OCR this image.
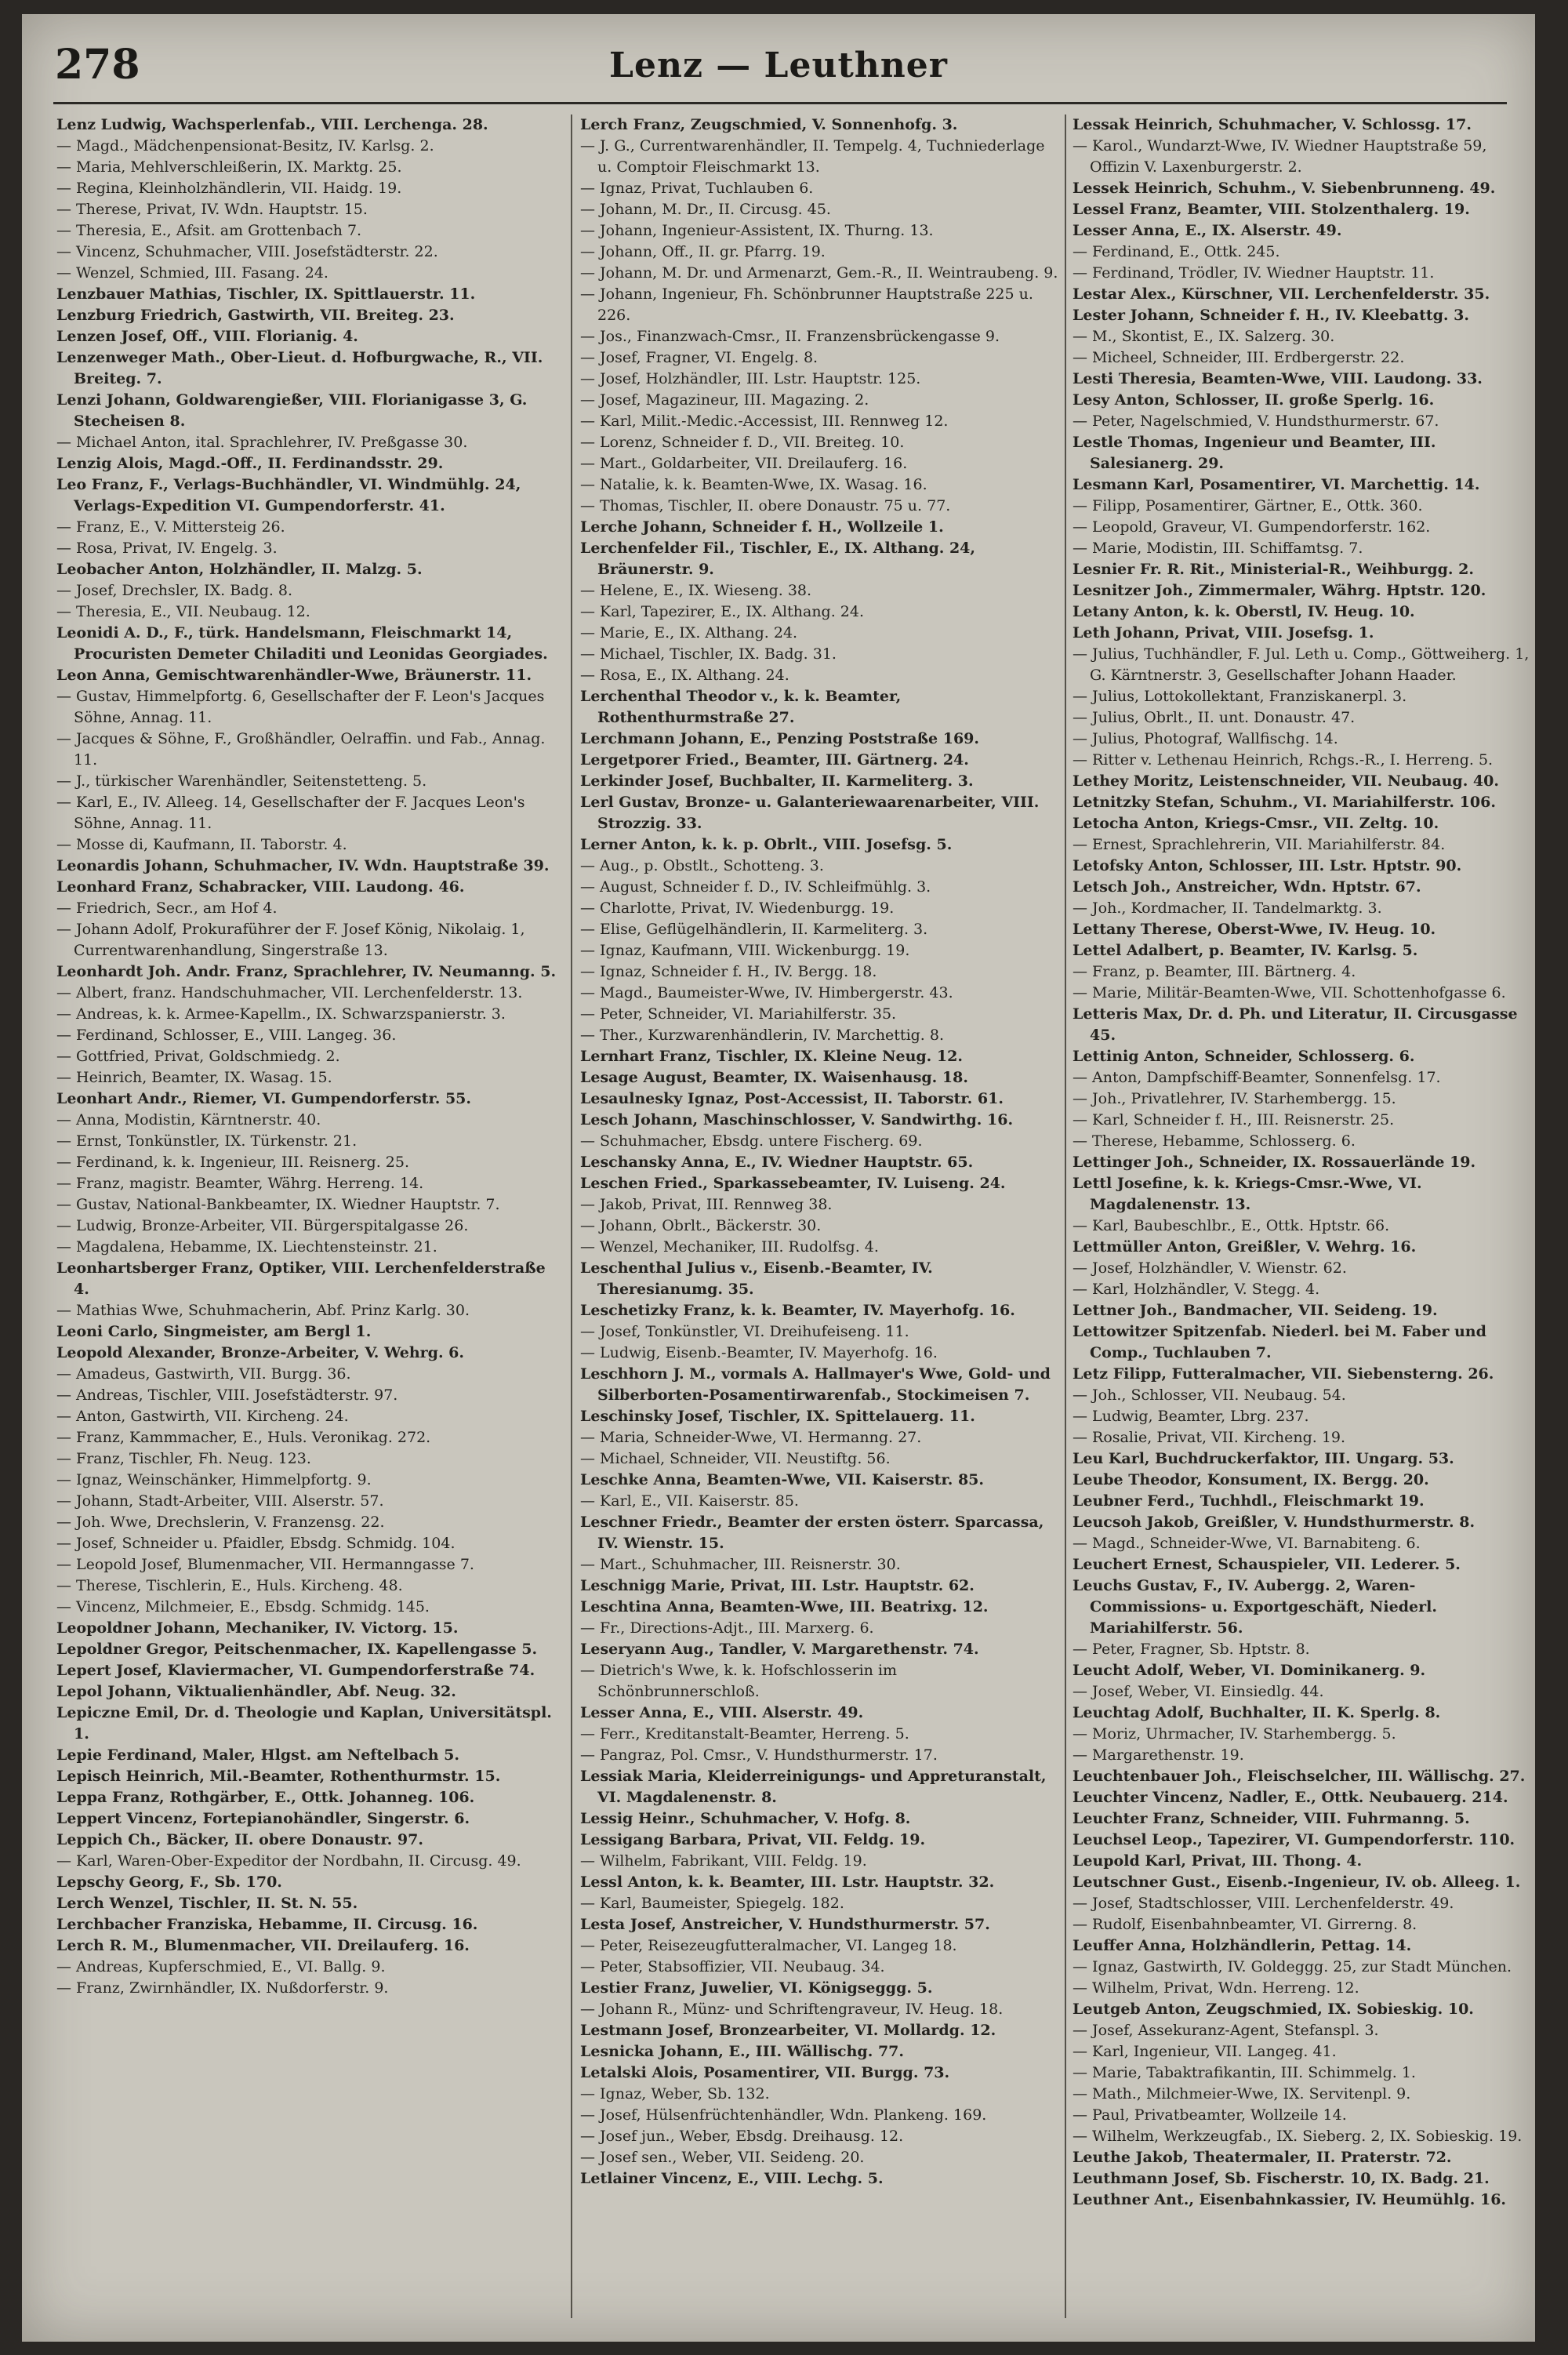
278	Lenz — Leuthner
Lenz Ludwig, Wachsperlenfab., VIII. Lerchenga. 28.
— Magd., Mädchenpensionat-Besitz, IV. Karlsg. 2.
— Maria, Mehlverschleißerin, IX. Marktg. 25.
— Regina, Kleinholzhändlerin, VII. Haidg. 19.
— Therese, Privat, IV. Wdn. Hauptstr. 15.
— Theresia, E., Afsit. am Grottenbach 7.
— Vincenz, Schuhmacher, VIII. Josefstädterstr. 22.
— Wenzel, Schmied, III. Fasang. 24.
Lenzbauer Mathias, Tischler, IX. Spittlauerstr. 11.
Lenzburg Friedrich, Gastwirth, VII. Breiteg. 23.
Lenzen Josef, Off., VIII. Florianig. 4.
Lenzenweger Math., Ober-Lieut. d. Hofburgwache, R., VII. Breiteg. 7.
Lenzi Johann, Goldwarengießer, VIII. Florianigasse 3, G. Stecheisen 8.
— Michael Anton, ital. Sprachlehrer, IV. Preßgasse 30.
Lenzig Alois, Magd.-Off., II. Ferdinandsstr. 29.
Leo Franz, F., Verlags-Buchhändler, VI. Windmühlg. 24, Verlags-Expedition VI. Gumpendorferstr. 41.
— Franz, E., V. Mittersteig 26.
— Rosa, Privat, IV. Engelg. 3.
Leobacher Anton, Holzhändler, II. Malzg. 5.
— Josef, Drechsler, IX. Badg. 8.
— Theresia, E., VII. Neubaug. 12.
Leonidi A. D., F., türk. Handelsmann, Fleischmarkt 14, Procuristen Demeter Chiladiti und Leonidas Georgiades.
Leon Anna, Gemischtwarenhändler-Wwe, Bräunerstr. 11.
— Gustav, Himmelpfortg. 6, Gesellschafter der F. Leon's Jacques Söhne, Annag. 11.
— Jacques & Söhne, F., Großhändler, Oelraffin. und Fab., Annag. 11.
— J., türkischer Warenhändler, Seitenstetteng. 5.
— Karl, E., IV. Alleeg. 14, Gesellschafter der F. Jacques Leon's Söhne, Annag. 11.
— Mosse di, Kaufmann, II. Taborstr. 4.
Leonardis Johann, Schuhmacher, IV. Wdn. Hauptstraße 39.
Leonhard Franz, Schabracker, VIII. Laudong. 46.
— Friedrich, Secr., am Hof 4.
— Johann Adolf, Prokuraführer der F. Josef König, Nikolaig. 1, Currentwarenhandlung, Singerstraße 13.
Leonhardt Joh. Andr. Franz, Sprachlehrer, IV. Neumanng. 5.
— Albert, franz. Handschuhmacher, VII. Lerchenfelderstr. 13.
— Andreas, k. k. Armee-Kapellm., IX. Schwarzspanierstr. 3.
— Ferdinand, Schlosser, E., VIII. Langeg. 36.
— Gottfried, Privat, Goldschmiedg. 2.
— Heinrich, Beamter, IX. Wasag. 15.
Leonhart Andr., Riemer, VI. Gumpendorferstr. 55.
— Anna, Modistin, Kärntnerstr. 40.
— Ernst, Tonkünstler, IX. Türkenstr. 21.
— Ferdinand, k. k. Ingenieur, III. Reisnerg. 25.
— Franz, magistr. Beamter, Währg. Herreng. 14.
— Gustav, National-Bankbeamter, IX. Wiedner Hauptstr. 7.
— Ludwig, Bronze-Arbeiter, VII. Bürgerspitalgasse 26.
— Magdalena, Hebamme, IX. Liechtensteinstr. 21.
Leonhartsberger Franz, Optiker, VIII. Lerchenfelderstraße 4.
— Mathias Wwe, Schuhmacherin, Abf. Prinz Karlg. 30.
Leoni Carlo, Singmeister, am Bergl 1.
Leopold Alexander, Bronze-Arbeiter, V. Wehrg. 6.
— Amadeus, Gastwirth, VII. Burgg. 36.
— Andreas, Tischler, VIII. Josefstädterstr. 97.
— Anton, Gastwirth, VII. Kircheng. 24.
— Franz, Kammmacher, E., Huls. Veronikag. 272.
— Franz, Tischler, Fh. Neug. 123.
— Ignaz, Weinschänker, Himmelpfortg. 9.
— Johann, Stadt-Arbeiter, VIII. Alserstr. 57.
— Joh. Wwe, Drechslerin, V. Franzensg. 22.
— Josef, Schneider u. Pfaidler, Ebsdg. Schmidg. 104.
— Leopold Josef, Blumenmacher, VII. Hermanngasse 7.
— Therese, Tischlerin, E., Huls. Kircheng. 48.
— Vincenz, Milchmeier, E., Ebsdg. Schmidg. 145.
Leopoldner Johann, Mechaniker, IV. Victorg. 15.
Lepoldner Gregor, Peitschenmacher, IX. Kapellengasse 5.
Lepert Josef, Klaviermacher, VI. Gumpendorferstraße 74.
Lepol Johann, Viktualienhändler, Abf. Neug. 32.
Lepiczne Emil, Dr. d. Theologie und Kaplan, Universitätspl. 1.
Lepie Ferdinand, Maler, Hlgst. am Neftelbach 5.
Lepisch Heinrich, Mil.-Beamter, Rothenthurmstr. 15.
Leppa Franz, Rothgärber, E., Ottk. Johanneg. 106.
Leppert Vincenz, Fortepianohändler, Singerstr. 6.
Leppich Ch., Bäcker, II. obere Donaustr. 97.
— Karl, Waren-Ober-Expeditor der Nordbahn, II. Circusg. 49.
Lepschy Georg, F., Sb. 170.
Lerch Wenzel, Tischler, II. St. N. 55.
Lerchbacher Franziska, Hebamme, II. Circusg. 16.
Lerch R. M., Blumenmacher, VII. Dreilauferg. 16.
— Andreas, Kupferschmied, E., VI. Ballg. 9.
— Franz, Zwirnhändler, IX. Nußdorferstr. 9.
Lerch Franz, Zeugschmied, V. Sonnenhofg. 3.
— J. G., Currentwarenhändler, II. Tempelg. 4, Tuchniederlage u. Comptoir Fleischmarkt 13.
— Ignaz, Privat, Tuchlauben 6.
— Johann, M. Dr., II. Circusg. 45.
— Johann, Ingenieur-Assistent, IX. Thurng. 13.
— Johann, Off., II. gr. Pfarrg. 19.
— Johann, M. Dr. und Armenarzt, Gem.-R., II. Weintraubeng. 9.
— Johann, Ingenieur, Fh. Schönbrunner Hauptstraße 225 u. 226.
— Jos., Finanzwach-Cmsr., II. Franzensbrückengasse 9.
— Josef, Fragner, VI. Engelg. 8.
— Josef, Holzhändler, III. Lstr. Hauptstr. 125.
— Josef, Magazineur, III. Magazing. 2.
— Karl, Milit.-Medic.-Accessist, III. Rennweg 12.
— Lorenz, Schneider f. D., VII. Breiteg. 10.
— Mart., Goldarbeiter, VII. Dreilauferg. 16.
— Natalie, k. k. Beamten-Wwe, IX. Wasag. 16.
— Thomas, Tischler, II. obere Donaustr. 75 u. 77.
Lerche Johann, Schneider f. H., Wollzeile 1.
Lerchenfelder Fil., Tischler, E., IX. Althang. 24, Bräunerstr. 9.
— Helene, E., IX. Wieseng. 38.
— Karl, Tapezirer, E., IX. Althang. 24.
— Marie, E., IX. Althang. 24.
— Michael, Tischler, IX. Badg. 31.
— Rosa, E., IX. Althang. 24.
Lerchenthal Theodor v., k. k. Beamter, Rothenthurmstraße 27.
Lerchmann Johann, E., Penzing Poststraße 169.
Lergetporer Fried., Beamter, III. Gärtnerg. 24.
Lerkinder Josef, Buchbalter, II. Karmeliterg. 3.
Lerl Gustav, Bronze- u. Galanteriewaarenarbeiter, VIII. Strozzig. 33.
Lerner Anton, k. k. p. Obrlt., VIII. Josefsg. 5.
— Aug., p. Obstlt., Schotteng. 3.
— August, Schneider f. D., IV. Schleifmühlg. 3.
— Charlotte, Privat, IV. Wiedenburgg. 19.
— Elise, Geflügelhändlerin, II. Karmeliterg. 3.
— Ignaz, Kaufmann, VIII. Wickenburgg. 19.
— Ignaz, Schneider f. H., IV. Bergg. 18.
— Magd., Baumeister-Wwe, IV. Himbergerstr. 43.
— Peter, Schneider, VI. Mariahilferstr. 35.
— Ther., Kurzwarenhändlerin, IV. Marchettig. 8.
Lernhart Franz, Tischler, IX. Kleine Neug. 12.
Lesage August, Beamter, IX. Waisenhausg. 18.
Lesaulnesky Ignaz, Post-Accessist, II. Taborstr. 61.
Lesch Johann, Maschinschlosser, V. Sandwirthg. 16.
— Schuhmacher, Ebsdg. untere Fischerg. 69.
Leschansky Anna, E., IV. Wiedner Hauptstr. 65.
Leschen Fried., Sparkassebeamter, IV. Luiseng. 24.
— Jakob, Privat, III. Rennweg 38.
— Johann, Obrlt., Bäckerstr. 30.
— Wenzel, Mechaniker, III. Rudolfsg. 4.
Leschenthal Julius v., Eisenb.-Beamter, IV. Theresianumg. 35.
Leschetizky Franz, k. k. Beamter, IV. Mayerhofg. 16.
— Josef, Tonkünstler, VI. Dreihufeiseng. 11.
— Ludwig, Eisenb.-Beamter, IV. Mayerhofg. 16.
Leschhorn J. M., vormals A. Hallmayer's Wwe, Gold- und Silberborten-Posamentirwarenfab., Stockimeisen 7.
Leschinsky Josef, Tischler, IX. Spittelauerg. 11.
— Maria, Schneider-Wwe, VI. Hermanng. 27.
— Michael, Schneider, VII. Neustiftg. 56.
Leschke Anna, Beamten-Wwe, VII. Kaiserstr. 85.
— Karl, E., VII. Kaiserstr. 85.
Leschner Friedr., Beamter der ersten österr. Sparcassa, IV. Wienstr. 15.
— Mart., Schuhmacher, III. Reisnerstr. 30.
Leschnigg Marie, Privat, III. Lstr. Hauptstr. 62.
Leschtina Anna, Beamten-Wwe, III. Beatrixg. 12.
— Fr., Directions-Adjt., III. Marxerg. 6.
Leseryann Aug., Tandler, V. Margarethenstr. 74.
— Dietrich's Wwe, k. k. Hofschlosserin im Schönbrunnerschloß.
Lesser Anna, E., VIII. Alserstr. 49.
— Ferr., Kreditanstalt-Beamter, Herreng. 5.
— Pangraz, Pol. Cmsr., V. Hundsthurmerstr. 17.
Lessiak Maria, Kleiderreinigungs- und Appreturanstalt, VI. Magdalenenstr. 8.
Lessig Heinr., Schuhmacher, V. Hofg. 8.
Lessigang Barbara, Privat, VII. Feldg. 19.
— Wilhelm, Fabrikant, VIII. Feldg. 19.
Lessl Anton, k. k. Beamter, III. Lstr. Hauptstr. 32.
— Karl, Baumeister, Spiegelg. 182.
Lesta Josef, Anstreicher, V. Hundsthurmerstr. 57.
— Peter, Reisezeugfutteralmacher, VI. Langeg 18.
— Peter, Stabsoffizier, VII. Neubaug. 34.
Lestier Franz, Juwelier, VI. Königseggg. 5.
— Johann R., Münz- und Schriftengraveur, IV. Heug. 18.
Lestmann Josef, Bronzearbeiter, VI. Mollardg. 12.
Lesnicka Johann, E., III. Wällischg. 77.
Letalski Alois, Posamentirer, VII. Burgg. 73.
— Ignaz, Weber, Sb. 132.
— Josef, Hülsenfrüchtenhändler, Wdn. Plankeng. 169.
— Josef jun., Weber, Ebsdg. Dreihausg. 12.
— Josef sen., Weber, VII. Seideng. 20.
Letlainer Vincenz, E., VIII. Lechg. 5.
Lessak Heinrich, Schuhmacher, V. Schlossg. 17.
— Karol., Wundarzt-Wwe, IV. Wiedner Hauptstraße 59, Offizin V. Laxenburgerstr. 2.
Lessek Heinrich, Schuhm., V. Siebenbrunneng. 49.
Lessel Franz, Beamter, VIII. Stolzenthalerg. 19.
Lesser Anna, E., IX. Alserstr. 49.
— Ferdinand, E., Ottk. 245.
— Ferdinand, Trödler, IV. Wiedner Hauptstr. 11.
Lestar Alex., Kürschner, VII. Lerchenfelderstr. 35.
Lester Johann, Schneider f. H., IV. Kleebattg. 3.
— M., Skontist, E., IX. Salzerg. 30.
— Micheel, Schneider, III. Erdbergerstr. 22.
Lesti Theresia, Beamten-Wwe, VIII. Laudong. 33.
Lesy Anton, Schlosser, II. große Sperlg. 16.
— Peter, Nagelschmied, V. Hundsthurmerstr. 67.
Lestle Thomas, Ingenieur und Beamter, III. Salesianerg. 29.
Lesmann Karl, Posamentirer, VI. Marchettig. 14.
— Filipp, Posamentirer, Gärtner, E., Ottk. 360.
— Leopold, Graveur, VI. Gumpendorferstr. 162.
— Marie, Modistin, III. Schiffamtsg. 7.
Lesnier Fr. R. Rit., Ministerial-R., Weihburgg. 2.
Lesnitzer Joh., Zimmermaler, Währg. Hptstr. 120.
Letany Anton, k. k. Oberstl, IV. Heug. 10.
Leth Johann, Privat, VIII. Josefsg. 1.
— Julius, Tuchhändler, F. Jul. Leth u. Comp., Göttweiherg. 1, G. Kärntnerstr. 3, Gesellschafter Johann Haader.
— Julius, Lottokollektant, Franziskanerpl. 3.
— Julius, Obrlt., II. unt. Donaustr. 47.
— Julius, Photograf, Wallfischg. 14.
— Ritter v. Lethenau Heinrich, Rchgs.-R., I. Herreng. 5.
Lethey Moritz, Leistenschneider, VII. Neubaug. 40.
Letnitzky Stefan, Schuhm., VI. Mariahilferstr. 106.
Letocha Anton, Kriegs-Cmsr., VII. Zeltg. 10.
— Ernest, Sprachlehrerin, VII. Mariahilferstr. 84.
Letofsky Anton, Schlosser, III. Lstr. Hptstr. 90.
Letsch Joh., Anstreicher, Wdn. Hptstr. 67.
— Joh., Kordmacher, II. Tandelmarktg. 3.
Lettany Therese, Oberst-Wwe, IV. Heug. 10.
Lettel Adalbert, p. Beamter, IV. Karlsg. 5.
— Franz, p. Beamter, III. Bärtnerg. 4.
— Marie, Militär-Beamten-Wwe, VII. Schottenhofgasse 6.
Letteris Max, Dr. d. Ph. und Literatur, II. Circusgasse 45.
Lettinig Anton, Schneider, Schlosserg. 6.
— Anton, Dampfschiff-Beamter, Sonnenfelsg. 17.
— Joh., Privatlehrer, IV. Starhembergg. 15.
— Karl, Schneider f. H., III. Reisnerstr. 25.
— Therese, Hebamme, Schlosserg. 6.
Lettinger Joh., Schneider, IX. Rossauerlände 19.
Lettl Josefine, k. k. Kriegs-Cmsr.-Wwe, VI. Magdalenenstr. 13.
— Karl, Baubeschlbr., E., Ottk. Hptstr. 66.
Lettmüller Anton, Greißler, V. Wehrg. 16.
— Josef, Holzhändler, V. Wienstr. 62.
— Karl, Holzhändler, V. Stegg. 4.
Lettner Joh., Bandmacher, VII. Seideng. 19.
Lettowitzer Spitzenfab. Niederl. bei M. Faber und Comp., Tuchlauben 7.
Letz Filipp, Futteralmacher, VII. Siebensterng. 26.
— Joh., Schlosser, VII. Neubaug. 54.
— Ludwig, Beamter, Lbrg. 237.
— Rosalie, Privat, VII. Kircheng. 19.
Leu Karl, Buchdruckerfaktor, III. Ungarg. 53.
Leube Theodor, Konsument, IX. Bergg. 20.
Leubner Ferd., Tuchhdl., Fleischmarkt 19.
Leucsoh Jakob, Greißler, V. Hundsthurmerstr. 8.
— Magd., Schneider-Wwe, VI. Barnabiteng. 6.
Leuchert Ernest, Schauspieler, VII. Lederer. 5.
Leuchs Gustav, F., IV. Aubergg. 2, Waren-Commissions- u. Exportgeschäft, Niederl. Mariahilferstr. 56.
— Peter, Fragner, Sb. Hptstr. 8.
Leucht Adolf, Weber, VI. Dominikanerg. 9.
— Josef, Weber, VI. Einsiedlg. 44.
Leuchtag Adolf, Buchhalter, II. K. Sperlg. 8.
— Moriz, Uhrmacher, IV. Starhembergg. 5.
— Margarethenstr. 19.
Leuchtenbauer Joh., Fleischselcher, III. Wällischg. 27.
Leuchter Vincenz, Nadler, E., Ottk. Neubauerg. 214.
Leuchter Franz, Schneider, VIII. Fuhrmanng. 5.
Leuchsel Leop., Tapezirer, VI. Gumpendorferstr. 110.
Leupold Karl, Privat, III. Thong. 4.
Leutschner Gust., Eisenb.-Ingenieur, IV. ob. Alleeg. 1.
— Josef, Stadtschlosser, VIII. Lerchenfelderstr. 49.
— Rudolf, Eisenbahnbeamter, VI. Girrerng. 8.
Leuffer Anna, Holzhändlerin, Pettag. 14.
— Ignaz, Gastwirth, IV. Goldeggg. 25, zur Stadt München.
— Wilhelm, Privat, Wdn. Herreng. 12.
Leutgeb Anton, Zeugschmied, IX. Sobieskig. 10.
— Josef, Assekuranz-Agent, Stefanspl. 3.
— Karl, Ingenieur, VII. Langeg. 41.
— Marie, Tabaktrafikantin, III. Schimmelg. 1.
— Math., Milchmeier-Wwe, IX. Servitenpl. 9.
— Paul, Privatbeamter, Wollzeile 14.
— Wilhelm, Werkzeugfab., IX. Sieberg. 2, IX. Sobieskig. 19.
Leuthe Jakob, Theatermaler, II. Praterstr. 72.
Leuthmann Josef, Sb. Fischerstr. 10, IX. Badg. 21.
Leuthner Ant., Eisenbahnkassier, IV. Heumühlg. 16.
